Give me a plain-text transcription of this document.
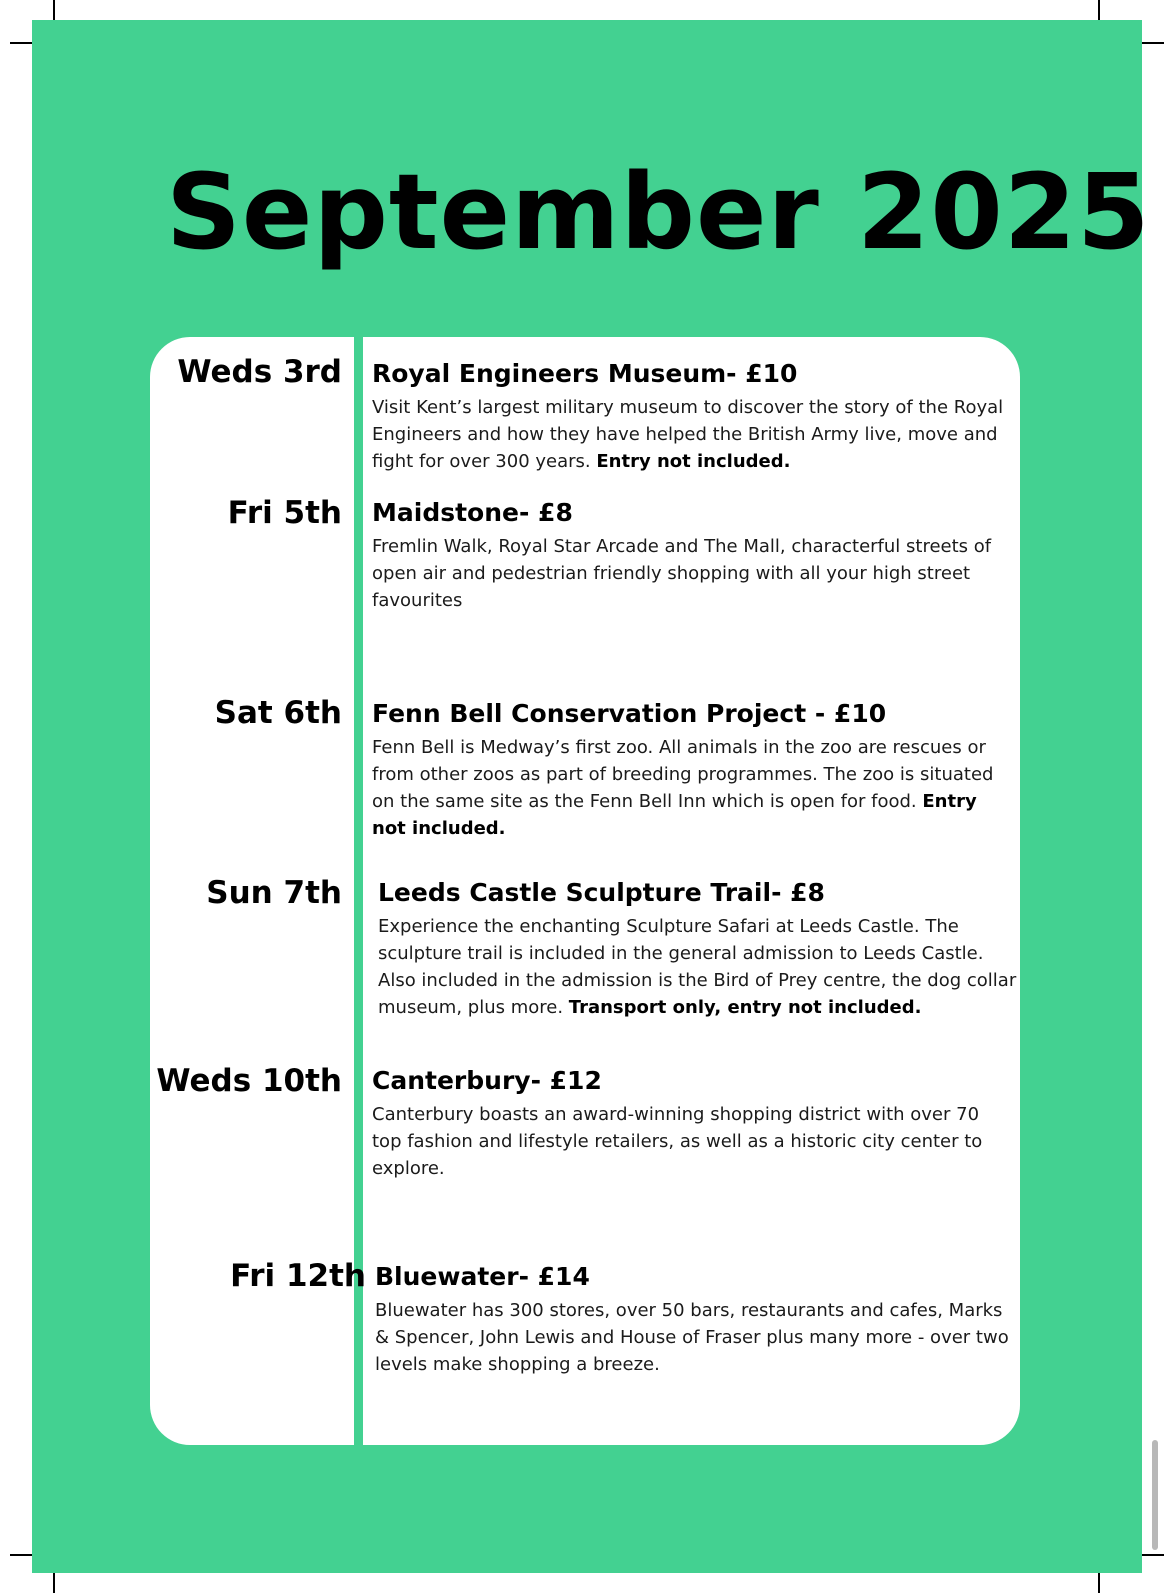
September 2025
Weds 3rd Royal Engineers Museum- £10

Visit Kent’s largest military museum to discover the story of the Royal Engineers and how they have helped the British Army live, move and fight for over 300 years. Entry not included.

Fri 5th Maidstone- £8

Fremlin Walk, Royal Star Arcade and The Mall, characterful streets of open air and pedestrian friendly shopping with all your high street favourites

Sat 6th Fenn Bell Conservation Project - £10

Fenn Bell is Medway’s first zoo. All animals in the zoo are rescues or from other zoos as part of breeding programmes. The zoo is situated on the same site as the Fenn Bell Inn which is open for food. Entry not included.

Sun 7th Leeds Castle Sculpture Trail- £8

Experience the enchanting Sculpture Safari at Leeds Castle. The sculpture trail is included in the general admission to Leeds Castle. Also included in the admission is the Bird of Prey centre, the dog collar museum, plus more. Transport only, entry not included.

Weds 10th Canterbury- £12

Canterbury boasts an award-winning shopping district with over 70 top fashion and lifestyle retailers, as well as a historic city center to explore.

Fri 12th Bluewater- £14

Bluewater has 300 stores, over 50 bars, restaurants and cafes, Marks & Spencer, John Lewis and House of Fraser plus many more - over two levels make shopping a breeze.
